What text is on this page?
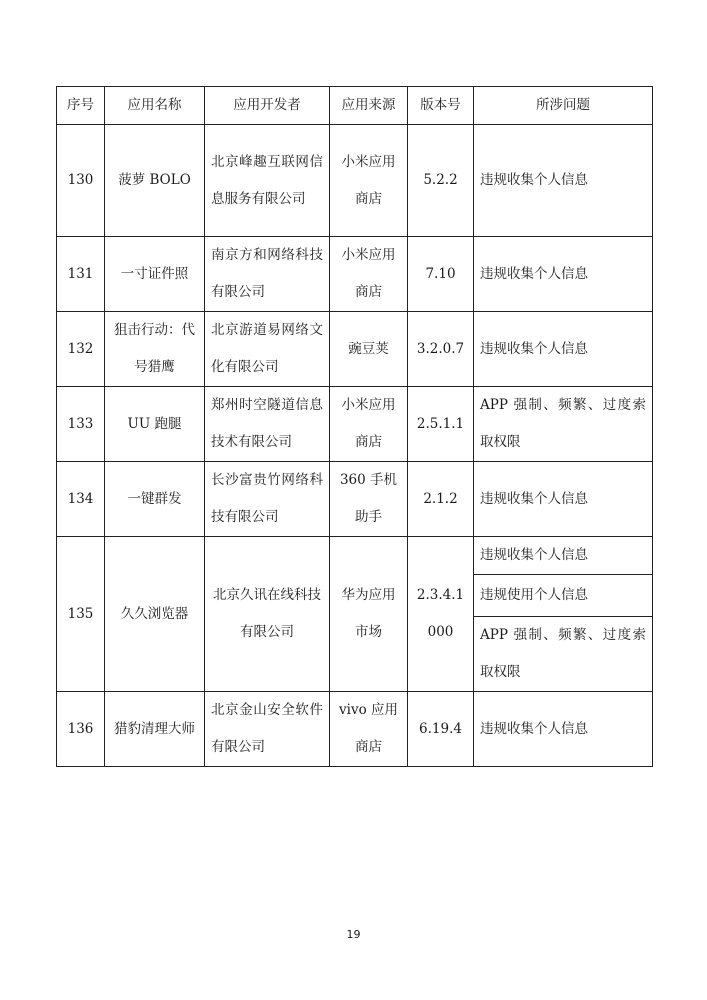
序号	应用名称	应用开发者	应用来源	版本号	所涉问题
130	菠萝 BOLO	北京峰趣互联网信息服务有限公司	小米应用商店	5.2.2	违规收集个人信息
131	一寸证件照	南京方和网络科技有限公司	小米应用商店	7.10	违规收集个人信息
132	狙击行动：代号猎鹰	北京游道易网络文化有限公司	豌豆荚	3.2.0.7	违规收集个人信息
133	UU 跑腿	郑州时空隧道信息技术有限公司	小米应用商店	2.5.1.1	APP 强制、频繁、过度索取权限
134	一键群发	长沙富贵竹网络科技有限公司	360 手机助手	2.1.2	违规收集个人信息
135	久久浏览器	北京久讯在线科技有限公司	华为应用市场	2.3.4.1000	违规收集个人信息
					违规使用个人信息
					APP 强制、频繁、过度索取权限
136	猎豹清理大师	北京金山安全软件有限公司	vivo 应用商店	6.19.4	违规收集个人信息
19
